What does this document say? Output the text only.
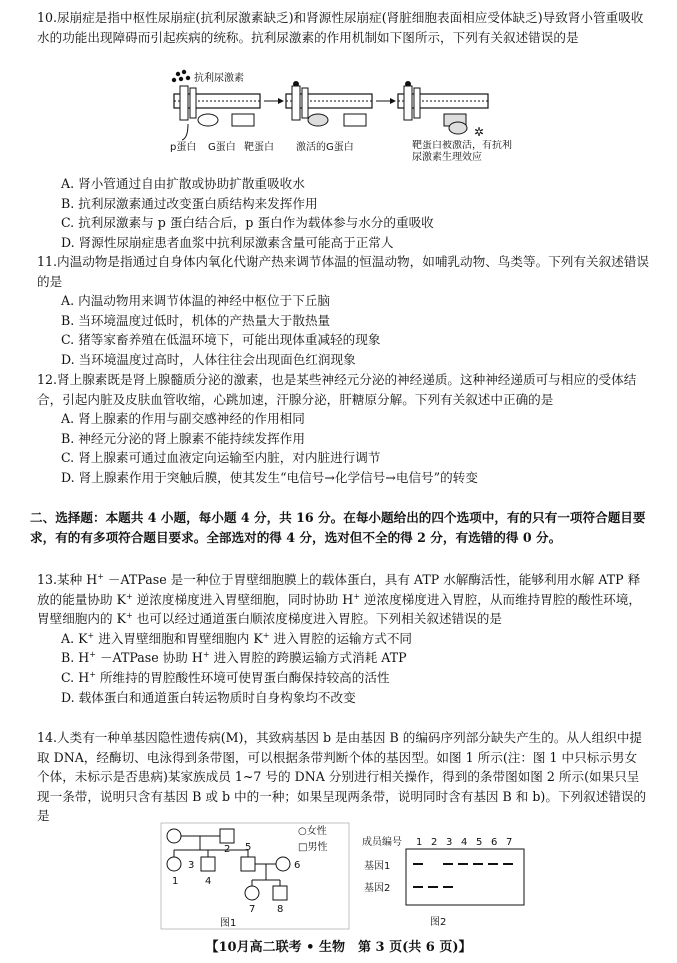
10.尿崩症是指中枢性尿崩症(抗利尿激素缺乏)和肾源性尿崩症(肾脏细胞表面相应受体缺乏)导致肾小管重吸收水的功能出现障碍而引起疾病的统称。抗利尿激素的作用机制如下图所示，下列有关叙述错误的是

抗利尿激素
✲
p蛋白 G蛋白 靶蛋白 激活的G蛋白	靶蛋白被激活，有抗利尿激素生理效应

A. 肾小管通过自由扩散或协助扩散重吸收水

B. 抗利尿激素通过改变蛋白质结构来发挥作用

C. 抗利尿激素与 p 蛋白结合后，p 蛋白作为载体参与水分的重吸收

D. 肾源性尿崩症患者血浆中抗利尿激素含量可能高于正常人

11.内温动物是指通过自身体内氧化代谢产热来调节体温的恒温动物，如哺乳动物、鸟类等。下列有关叙述错误的是

A. 内温动物用来调节体温的神经中枢位于下丘脑

B. 当环境温度过低时，机体的产热量大于散热量

C. 猪等家畜养殖在低温环境下，可能出现体重减轻的现象

D. 当环境温度过高时，人体往往会出现面色红润现象

12.肾上腺素既是肾上腺髓质分泌的激素，也是某些神经元分泌的神经递质。这种神经递质可与相应的受体结合，引起内脏及皮肤血管收缩，心跳加速，汗腺分泌，肝糖原分解。下列有关叙述中正确的是

A. 肾上腺素的作用与副交感神经的作用相同

B. 神经元分泌的肾上腺素不能持续发挥作用

C. 肾上腺素可通过血液定向运输至内脏，对内脏进行调节

D. 肾上腺素作用于突触后膜，使其发生“电信号→化学信号→电信号”的转变

二、选择题：本题共 4 小题，每小题 4 分，共 16 分。在每小题给出的四个选项中，有的只有一项符合题目要求，有的有多项符合题目要求。全部选对的得 4 分，选对但不全的得 2 分，有选错的得 0 分。

13.某种 H+ －ATPase 是一种位于胃壁细胞膜上的载体蛋白，具有 ATP 水解酶活性，能够利用水解 ATP 释放的能量协助 K+ 逆浓度梯度进入胃壁细胞，同时协助 H+ 逆浓度梯度进入胃腔，从而维持胃腔的酸性环境，胃壁细胞内的 K+ 也可以经过通道蛋白顺浓度梯度进入胃腔。下列相关叙述错误的是

A. K+ 进入胃壁细胞和胃壁细胞内 K+ 进入胃腔的运输方式不同

B. H+ －ATPase 协助 H+ 进入胃腔的跨膜运输方式消耗 ATP

C. H+ 所维持的胃腔酸性环境可使胃蛋白酶保持较高的活性

D. 载体蛋白和通道蛋白转运物质时自身构象均不改变

14.人类有一种单基因隐性遗传病(M)，其致病基因 b 是由基因 B 的编码序列部分缺失产生的。从人组织中提取 DNA，经酶切、电泳得到条带图，可以根据条带判断个体的基因型。如图 1 所示(注：图 1 中只标示男女个体，未标示是否患病)某家族成员 1~7 号的 DNA 分别进行相关操作，得到的条带图如图 2 所示(如果只呈现一条带，说明只含有基因 B 或 b 中的一种；如果呈现两条带，说明同时含有基因 B 和 b)。下列叙述错误的是

1
2
3
4
5
6
7 8
○女性
□男性
图1
成员编号 1 2 3 4 5 6 7
基因1
基因2
图2
【10月高二联考 • 生物　第 3 页(共 6 页)】
